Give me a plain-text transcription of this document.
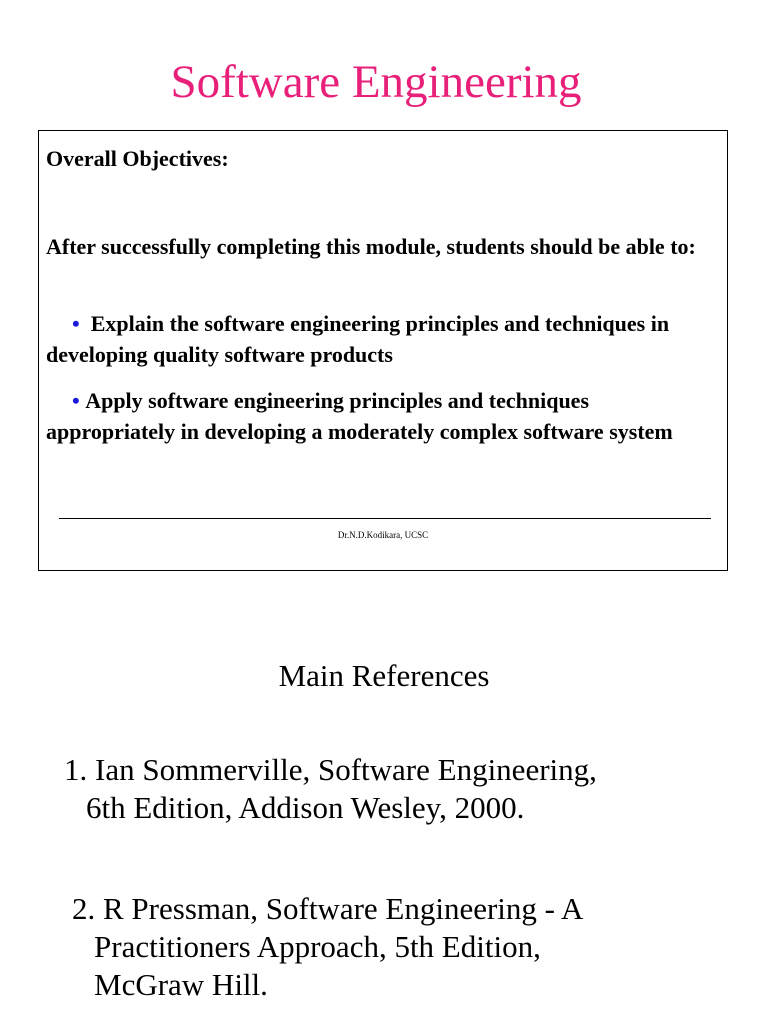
Software Engineering
Overall Objectives:
After successfully completing this module, students should be able to:
•  Explain the software engineering principles and techniques in developing quality software products
• Apply software engineering principles and techniques appropriately in developing a moderately complex software system
Dr.N.D.Kodikara, UCSC
Main References
1. Ian Sommerville, Software Engineering,
6th Edition, Addison Wesley, 2000.
2. R Pressman, Software Engineering - A
Practitioners Approach, 5th Edition,
McGraw Hill.
